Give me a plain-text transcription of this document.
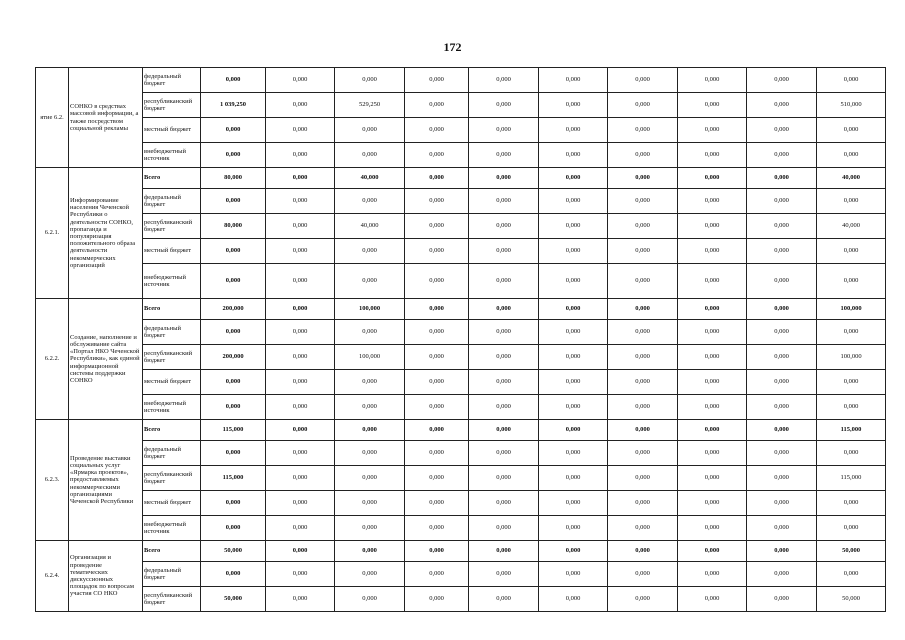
172
ятие 6.2.	СОНКО в средствах массовой информации, а также посредством социальной рекламы	федеральный бюджет	0,000	0,000	0,000	0,000	0,000	0,000	0,000	0,000	0,000	0,000
		республиканский бюджет	1 039,250	0,000	529,250	0,000	0,000	0,000	0,000	0,000	0,000	510,000
		местный бюджет	0,000	0,000	0,000	0,000	0,000	0,000	0,000	0,000	0,000	0,000
		внебюджетный источник	0,000	0,000	0,000	0,000	0,000	0,000	0,000	0,000	0,000	0,000
6.2.1.	Информирование населения Чеченской Республики о деятельности СОНКО, пропаганда и популяризация положительного образа деятельности некоммерческих организаций	Всего	80,000	0,000	40,000	0,000	0,000	0,000	0,000	0,000	0,000	40,000
		федеральный бюджет	0,000	0,000	0,000	0,000	0,000	0,000	0,000	0,000	0,000	0,000
		республиканский бюджет	80,000	0,000	40,000	0,000	0,000	0,000	0,000	0,000	0,000	40,000
		местный бюджет	0,000	0,000	0,000	0,000	0,000	0,000	0,000	0,000	0,000	0,000
		внебюджетный источник	0,000	0,000	0,000	0,000	0,000	0,000	0,000	0,000	0,000	0,000
6.2.2.	Создание, наполнение и обслуживание сайта «Портал НКО Чеченской Республики», как единой информационной системы поддержки СОНКО	Всего	200,000	0,000	100,000	0,000	0,000	0,000	0,000	0,000	0,000	100,000
		федеральный бюджет	0,000	0,000	0,000	0,000	0,000	0,000	0,000	0,000	0,000	0,000
		республиканский бюджет	200,000	0,000	100,000	0,000	0,000	0,000	0,000	0,000	0,000	100,000
		местный бюджет	0,000	0,000	0,000	0,000	0,000	0,000	0,000	0,000	0,000	0,000
		внебюджетный источник	0,000	0,000	0,000	0,000	0,000	0,000	0,000	0,000	0,000	0,000
6.2.3.	Проведение выставки социальных услуг «Ярмарка проектов», предоставляемых некоммерческими организациями Чеченской Республики	Всего	115,000	0,000	0,000	0,000	0,000	0,000	0,000	0,000	0,000	115,000
		федеральный бюджет	0,000	0,000	0,000	0,000	0,000	0,000	0,000	0,000	0,000	0,000
		республиканский бюджет	115,000	0,000	0,000	0,000	0,000	0,000	0,000	0,000	0,000	115,000
		местный бюджет	0,000	0,000	0,000	0,000	0,000	0,000	0,000	0,000	0,000	0,000
		внебюджетный источник	0,000	0,000	0,000	0,000	0,000	0,000	0,000	0,000	0,000	0,000
6.2.4.	Организация и проведение тематических дискуссионных площадок по вопросам участия СО НКО	Всего	50,000	0,000	0,000	0,000	0,000	0,000	0,000	0,000	0,000	50,000
		федеральный бюджет	0,000	0,000	0,000	0,000	0,000	0,000	0,000	0,000	0,000	0,000
		республиканский бюджет	50,000	0,000	0,000	0,000	0,000	0,000	0,000	0,000	0,000	50,000
